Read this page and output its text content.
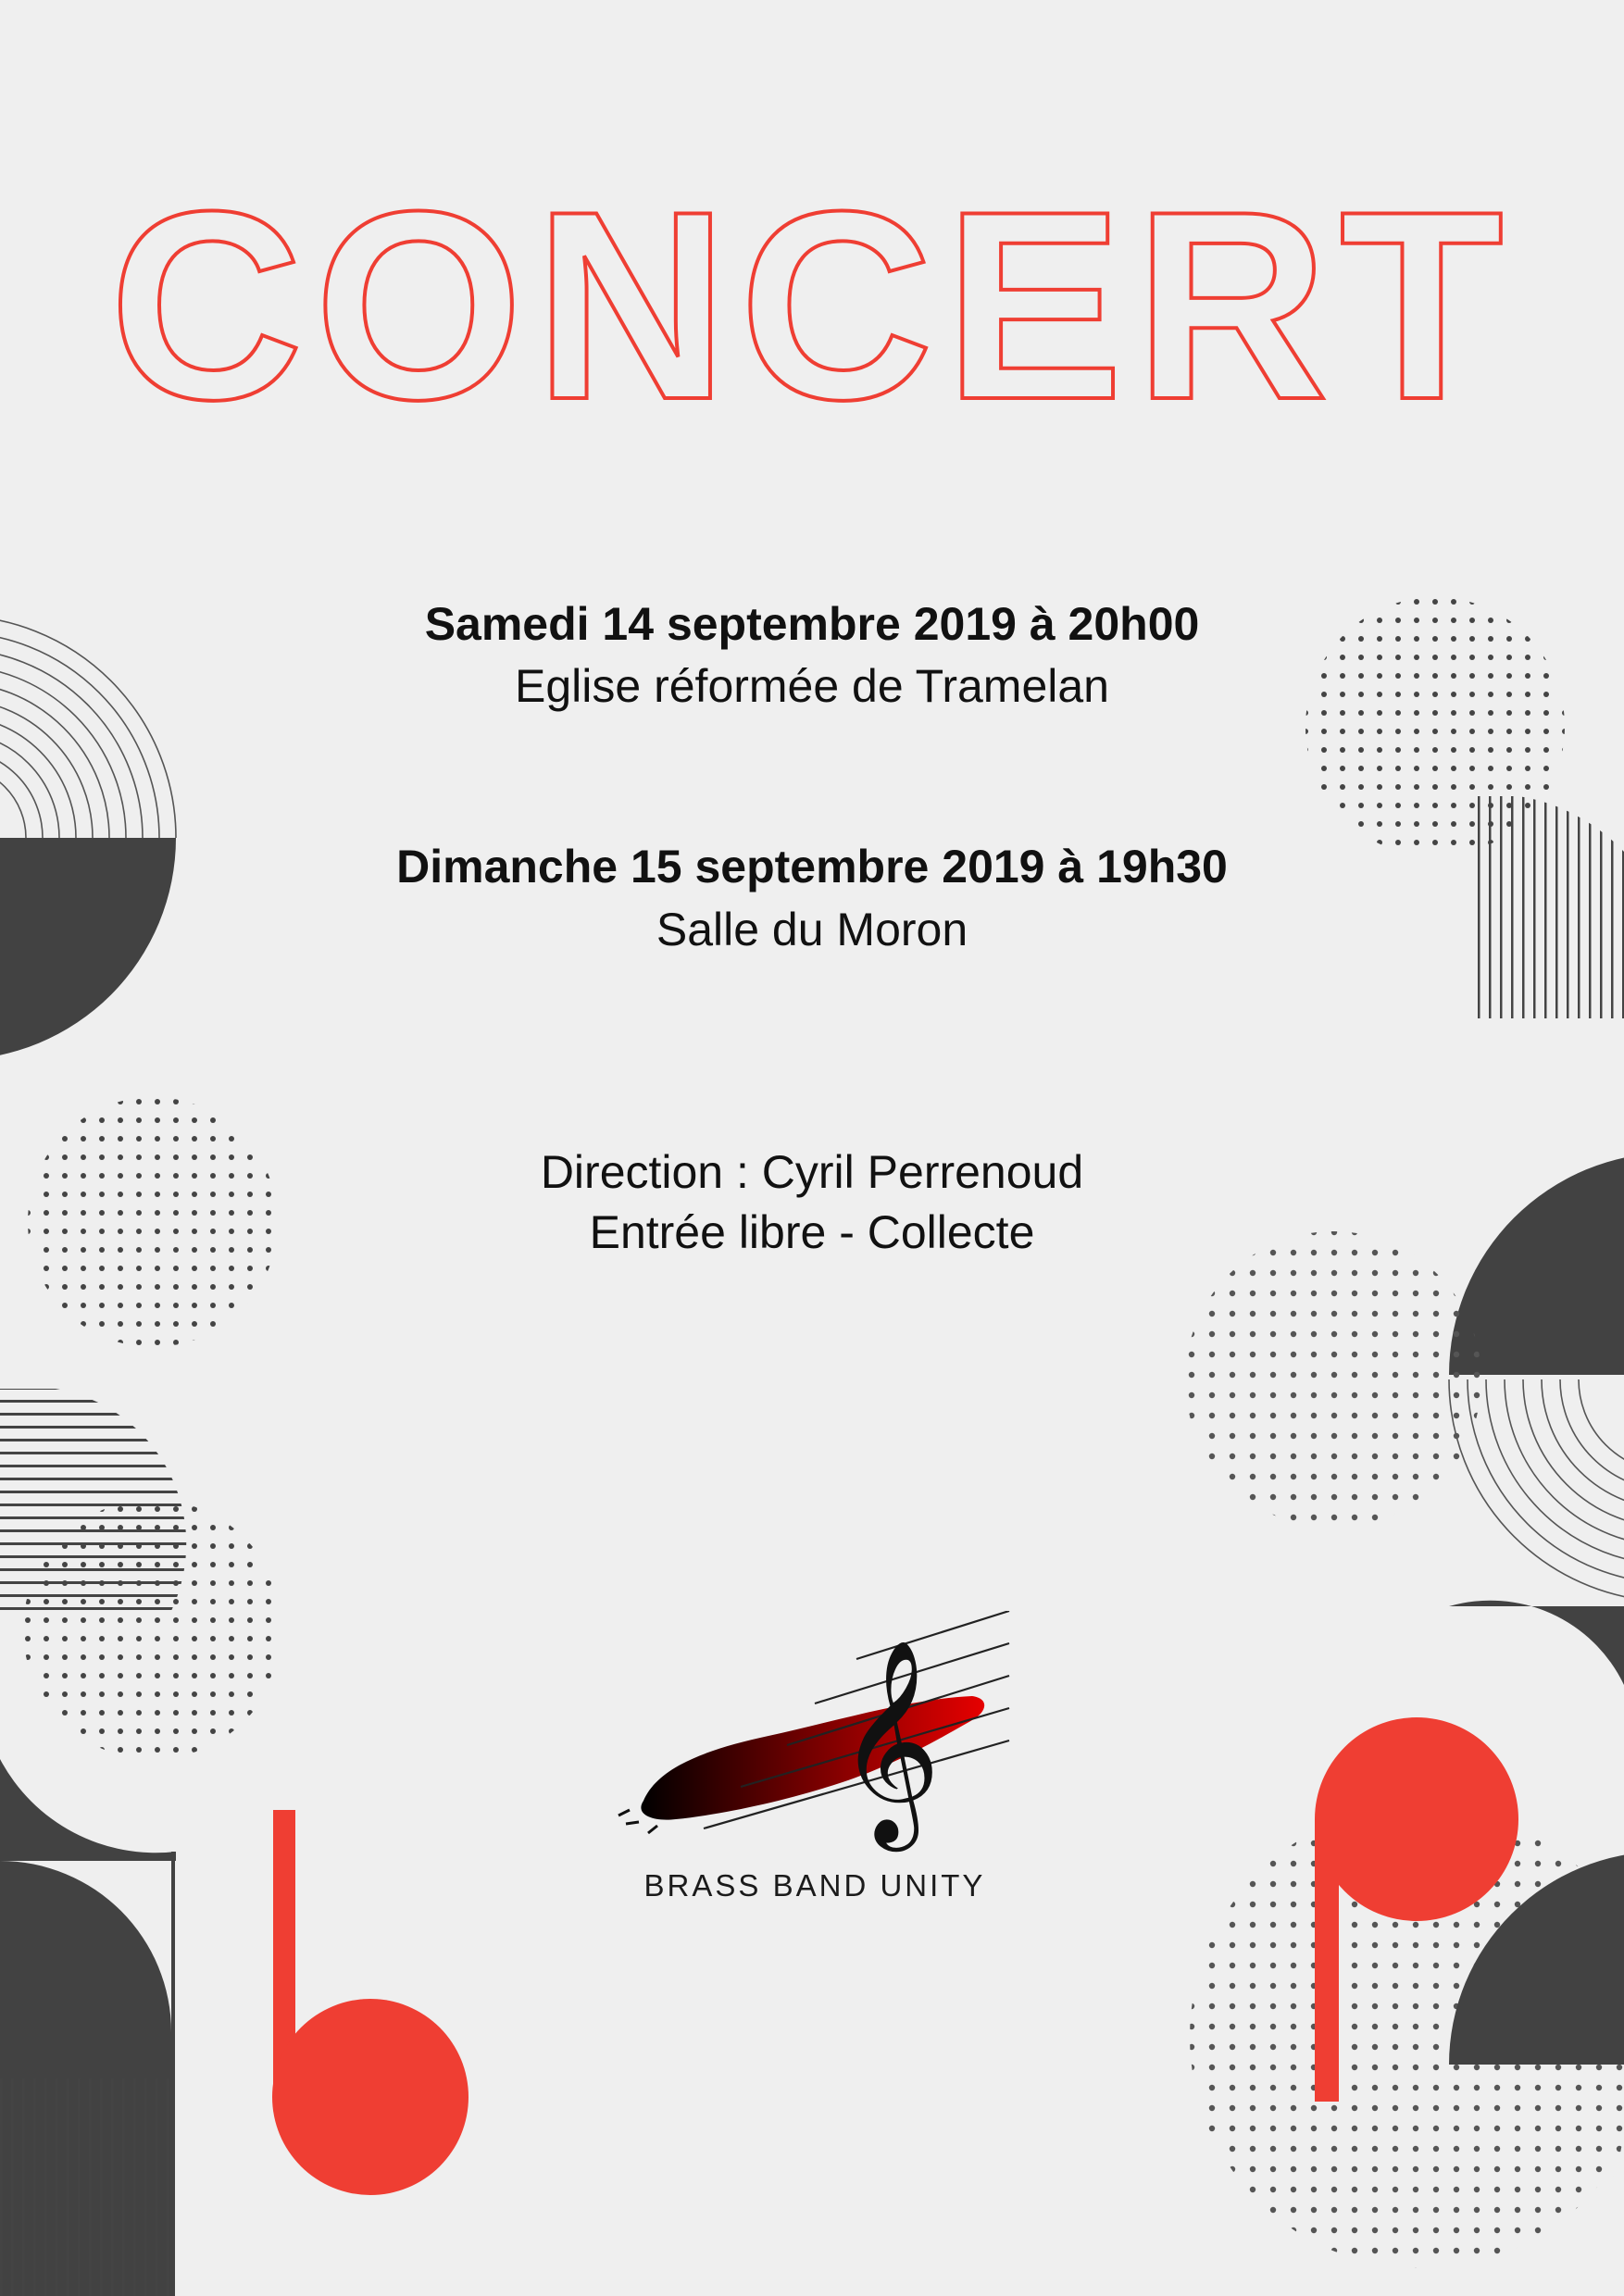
CONCERT
Samedi 14 septembre 2019 à 20h00
Eglise réformée de Tramelan
Dimanche 15 septembre 2019 à 19h30
Salle du Moron
Direction : Cyril Perrenoud
Entrée libre - Collecte
𝄞
BRASS BAND UNITY
